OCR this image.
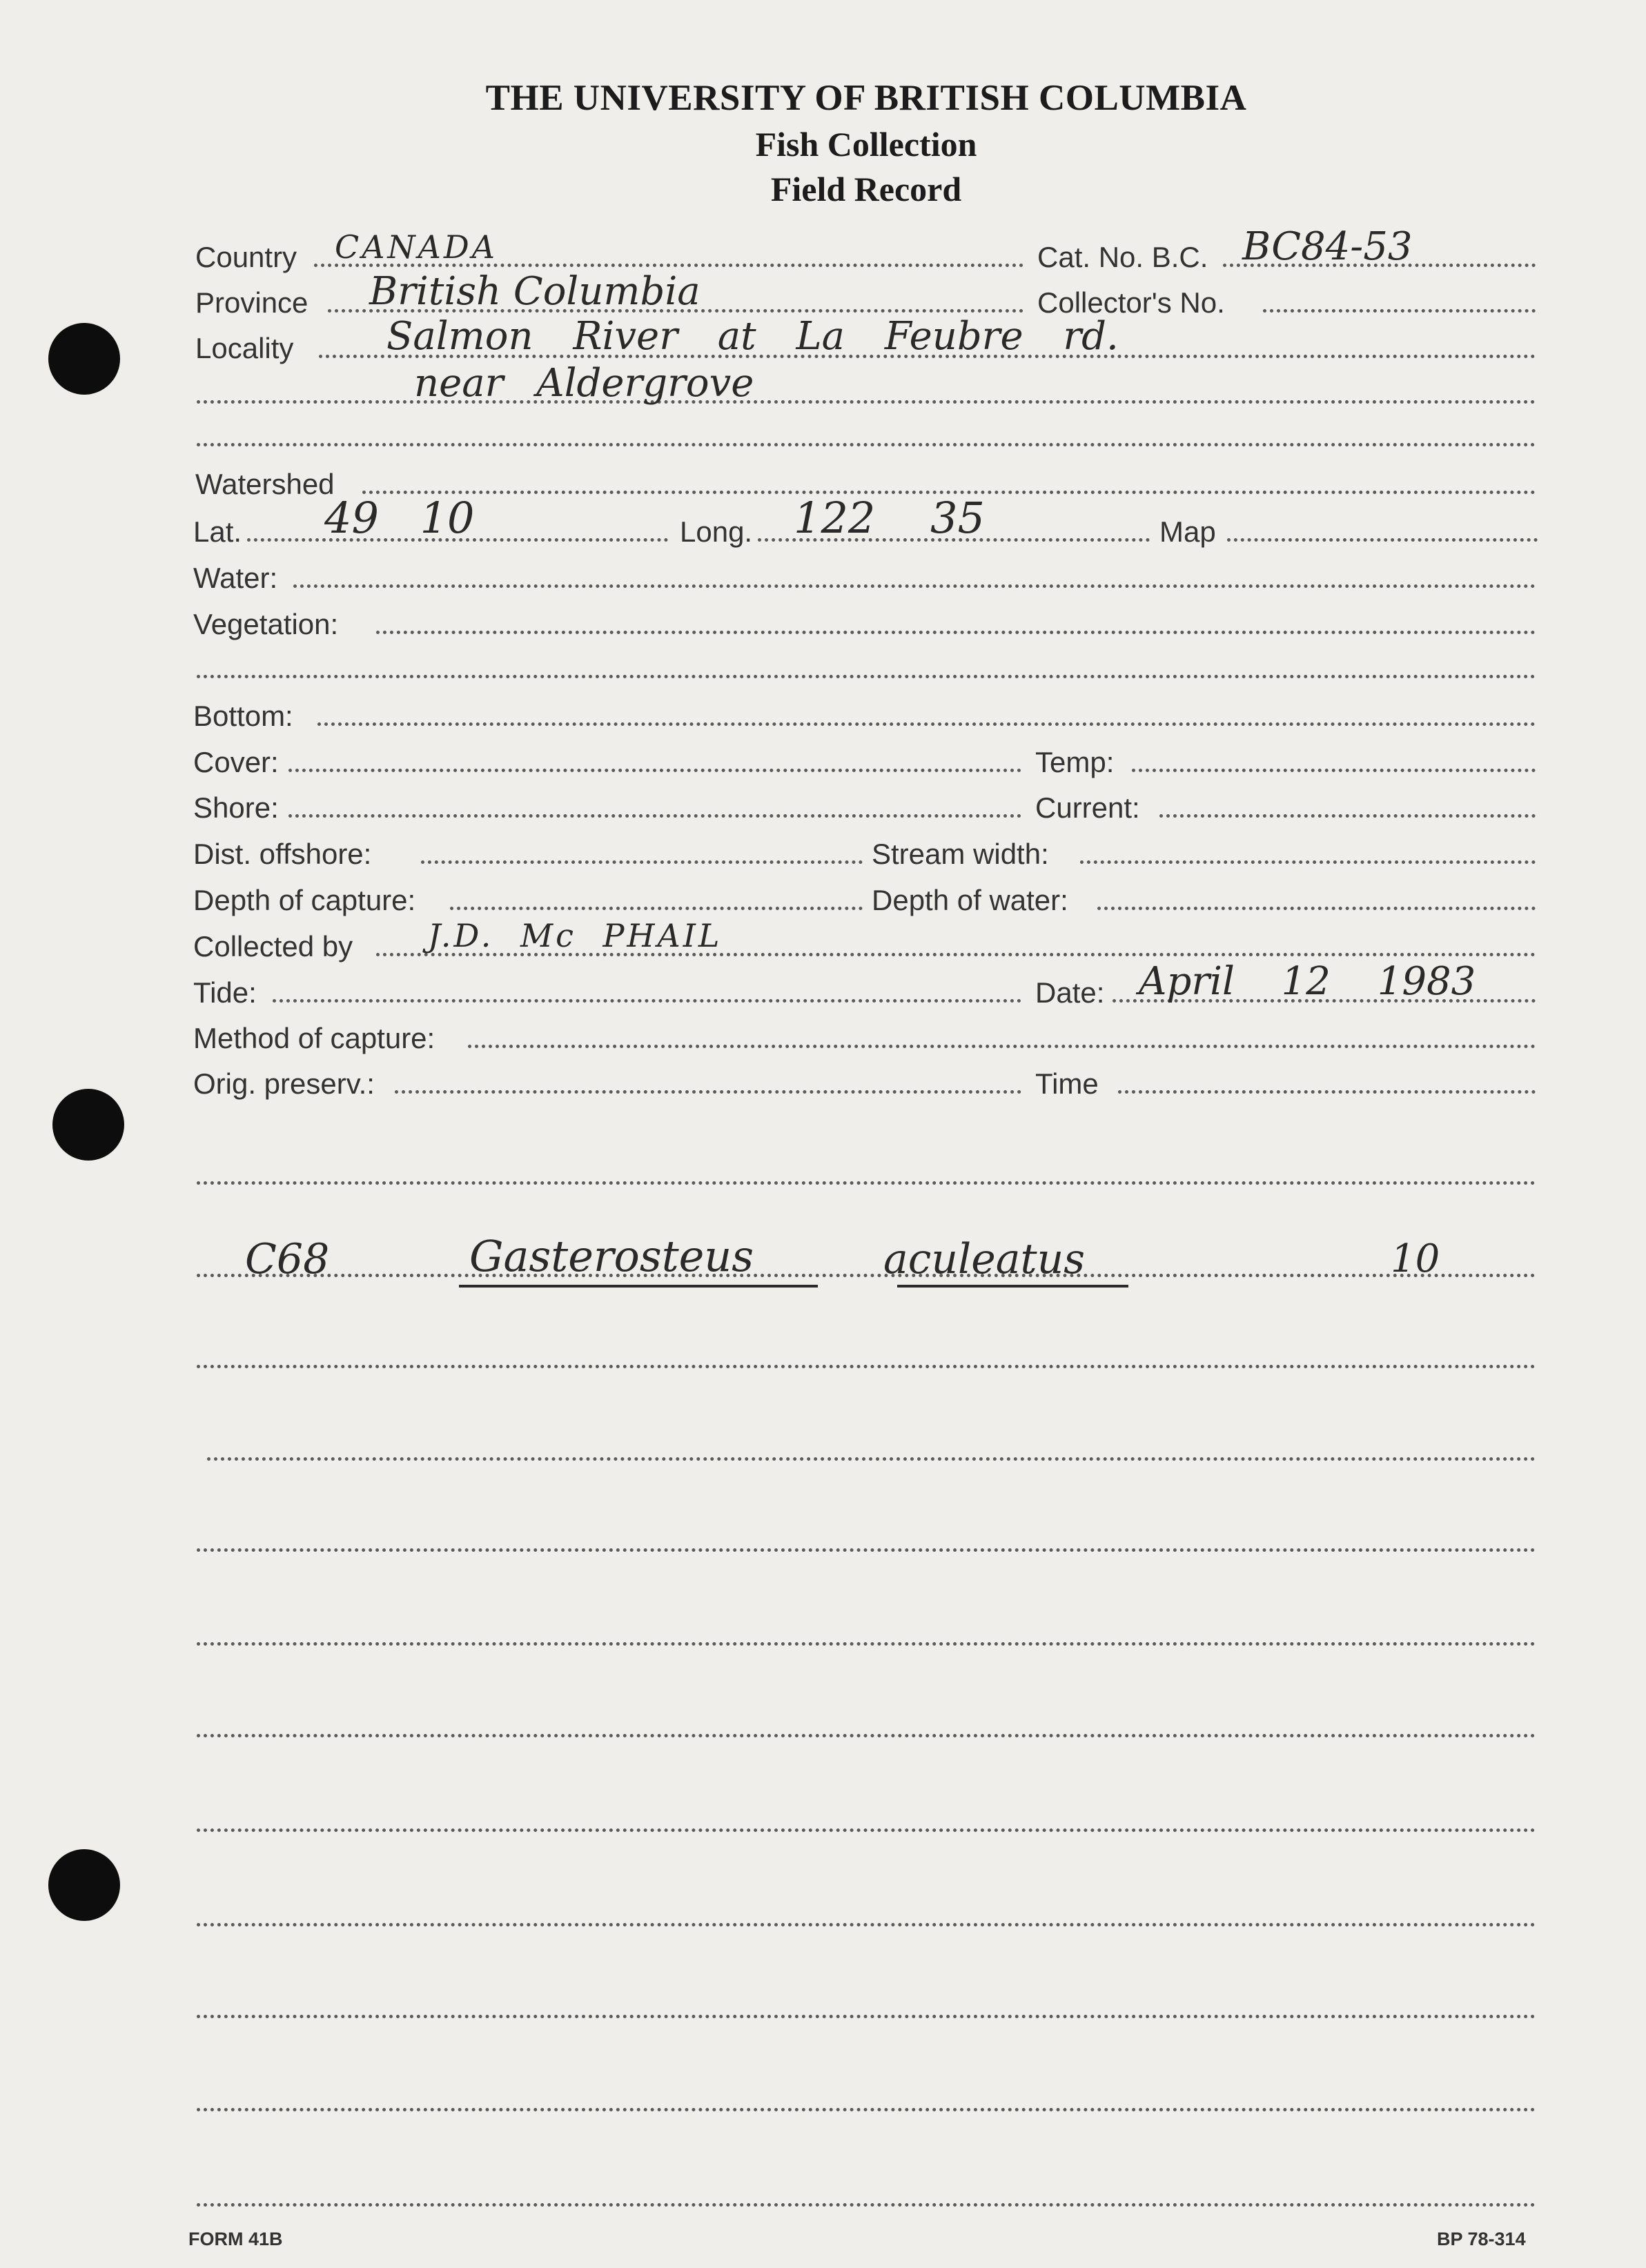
THE UNIVERSITY OF BRITISH COLUMBIA
Fish Collection
Field Record
Country CANADA	Cat. No. B.C. BC84-53
Province British Columbia	Collector's No.
Locality Salmon River at La Feubre rd.
near Aldergrove
Watershed
Lat. 49 10	Long. 122 35	Map
Water:
Vegetation:
Bottom:
Cover:	Temp:
Shore:	Current:
Dist. offshore:	Stream width:
Depth of capture:	Depth of water:
Collected by J.D. Mc PHAIL
Tide:	Date: April 12 1983
Method of capture:
Orig. preserv.:	Time
C68	Gasterosteus	aculeatus	10
FORM 41B	BP 78-314
